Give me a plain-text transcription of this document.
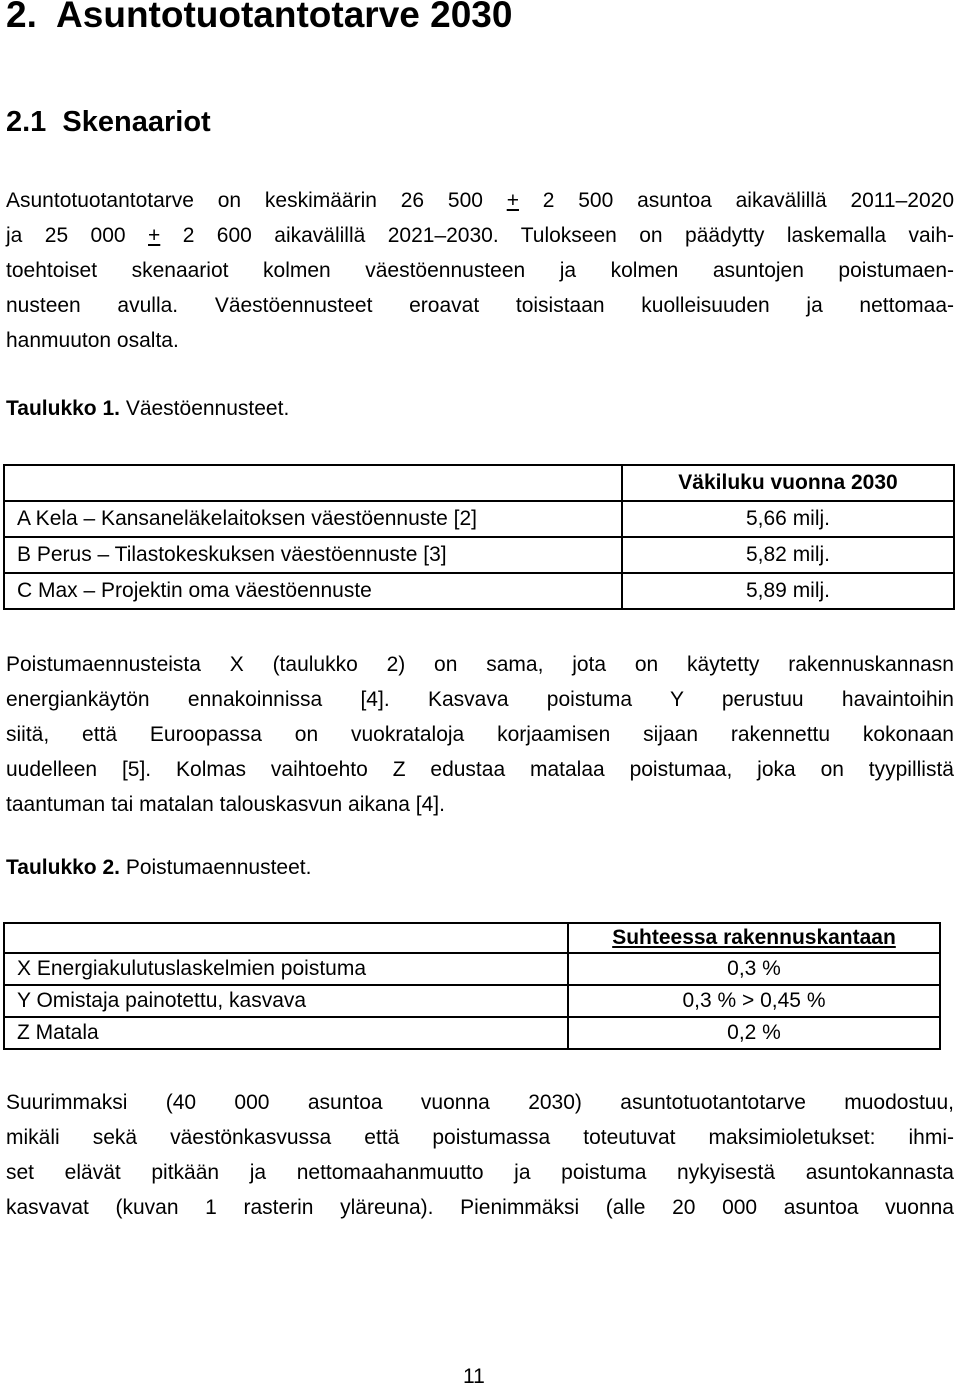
2.  Asuntotuotantotarve 2030
2.1  Skenaariot
Asuntotuotantotarve on keskimäärin 26 500 + 2 500 asuntoa aikavälillä 2011–2020
ja 25 000 + 2 600 aikavälillä 2021–2030. Tulokseen on päädytty laskemalla vaih-
toehtoiset skenaariot kolmen väestöennusteen ja kolmen asuntojen poistumaen-
nusteen avulla. Väestöennusteet eroavat toisistaan kuolleisuuden ja nettomaa-
hanmuuton osalta.
Taulukko 1. Väestöennusteet.
	Väkiluku vuonna 2030
A Kela – Kansaneläkelaitoksen väestöennuste [2]	5,66 milj.
B Perus – Tilastokeskuksen väestöennuste [3]	5,82 milj.
C Max – Projektin oma väestöennuste	5,89 milj.
Poistumaennusteista X (taulukko 2) on sama, jota on käytetty rakennuskannasn
energiankäytön ennakoinnissa [4]. Kasvava poistuma Y perustuu havaintoihin
siitä, että Euroopassa on vuokrataloja korjaamisen sijaan rakennettu kokonaan
uudelleen [5]. Kolmas vaihtoehto Z edustaa matalaa poistumaa, joka on tyypillistä
taantuman tai matalan talouskasvun aikana [4].
Taulukko 2. Poistumaennusteet.
	Suhteessa rakennuskantaan
X Energiakulutuslaskelmien poistuma	0,3 %
Y Omistaja painotettu, kasvava	0,3 % > 0,45 %
Z Matala	0,2 %
Suurimmaksi (40 000 asuntoa vuonna 2030) asuntotuotantotarve muodostuu,
mikäli sekä väestönkasvussa että poistumassa toteutuvat maksimioletukset: ihmi-
set elävät pitkään ja nettomaahanmuutto ja poistuma nykyisestä asuntokannasta
kasvavat (kuvan 1 rasterin yläreuna). Pienimmäksi (alle 20 000 asuntoa vuonna
11
